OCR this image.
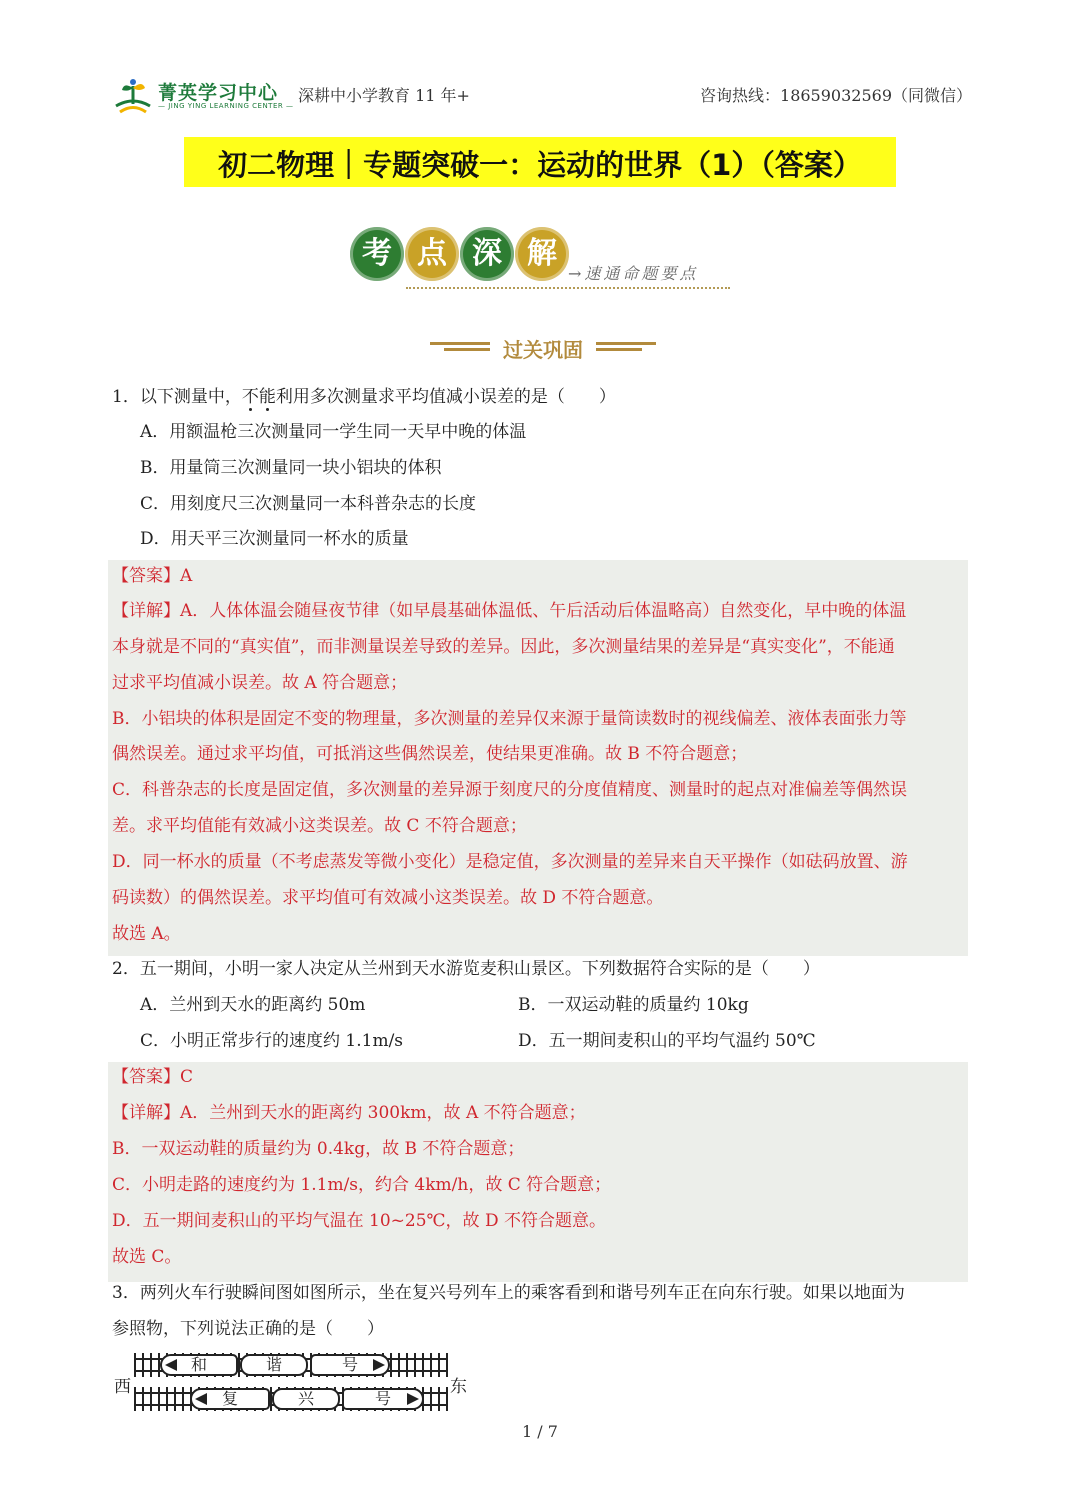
菁英学习中心
— JING YING LEARNING CENTER —
深耕中小学教育 11 年+	咨询热线：18659032569（同微信）
初二物理｜专题突破一：运动的世界（1）（答案）
考 点 深 解
→速通命题要点
过关巩固
1．以下测量中，不能利用多次测量求平均值减小误差的是（　　）
A．用额温枪三次测量同一学生同一天早中晚的体温
B．用量筒三次测量同一块小铝块的体积
C．用刻度尺三次测量同一本科普杂志的长度
D．用天平三次测量同一杯水的质量
【答案】A
【详解】A．人体体温会随昼夜节律（如早晨基础体温低、午后活动后体温略高）自然变化，早中晚的体温
本身就是不同的“真实值”，而非测量误差导致的差异。因此，多次测量结果的差异是“真实变化”，不能通
过求平均值减小误差。故 A 符合题意；
B．小铝块的体积是固定不变的物理量，多次测量的差异仅来源于量筒读数时的视线偏差、液体表面张力等
偶然误差。通过求平均值，可抵消这些偶然误差，使结果更准确。故 B 不符合题意；
C．科普杂志的长度是固定值，多次测量的差异源于刻度尺的分度值精度、测量时的起点对准偏差等偶然误
差。求平均值能有效减小这类误差。故 C 不符合题意；
D．同一杯水的质量（不考虑蒸发等微小变化）是稳定值，多次测量的差异来自天平操作（如砝码放置、游
码读数）的偶然误差。求平均值可有效减小这类误差。故 D 不符合题意。
故选 A。
2．五一期间，小明一家人决定从兰州到天水游览麦积山景区。下列数据符合实际的是（　　）
A．兰州到天水的距离约 50m	B．一双运动鞋的质量约 10kg
C．小明正常步行的速度约 1.1m/s	D．五一期间麦积山的平均气温约 50℃
【答案】C
【详解】A．兰州到天水的距离约 300km，故 A 不符合题意；
B．一双运动鞋的质量约为 0.4kg，故 B 不符合题意；
C．小明走路的速度约为 1.1m/s，约合 4km/h，故 C 符合题意；
D．五一期间麦积山的平均气温在 10~25℃，故 D 不符合题意。
故选 C。
3．两列火车行驶瞬间图如图所示，坐在复兴号列车上的乘客看到和谐号列车正在向东行驶。如果以地面为
参照物，下列说法正确的是（　　）
西	东
和	谐	号
复	兴	号
1 / 7
